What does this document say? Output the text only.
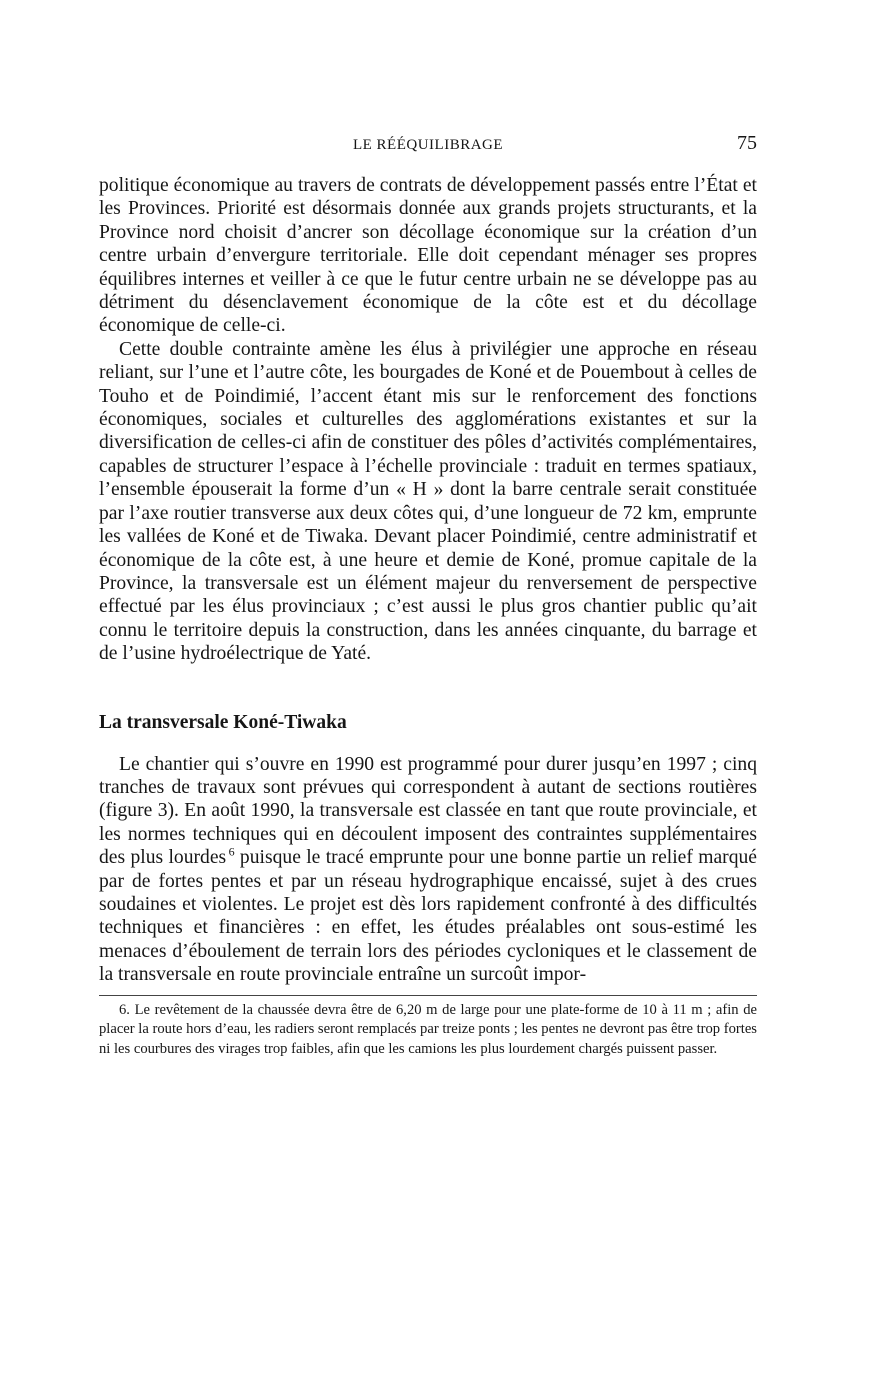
LE RÉÉQUILIBRAGE	75

politique économique au travers de contrats de développement passés entre l’État et les Provinces. Priorité est désormais donnée aux grands projets structurants, et la Province nord choisit d’ancrer son décollage économique sur la création d’un centre urbain d’envergure territoriale. Elle doit cependant ménager ses propres équilibres internes et veiller à ce que le futur centre urbain ne se développe pas au détriment du désenclavement économique de la côte est et du décollage économique de celle-ci.

Cette double contrainte amène les élus à privilégier une approche en réseau reliant, sur l’une et l’autre côte, les bourgades de Koné et de Pouembout à celles de Touho et de Poindimié, l’accent étant mis sur le renforcement des fonctions économiques, sociales et culturelles des agglomérations existantes et sur la diversification de celles-ci afin de constituer des pôles d’activités complémentaires, capables de structurer l’espace à l’échelle provinciale : traduit en termes spatiaux, l’ensemble épouserait la forme d’un « H » dont la barre centrale serait constituée par l’axe routier transverse aux deux côtes qui, d’une longueur de 72 km, emprunte les vallées de Koné et de Tiwaka. Devant placer Poindimié, centre administratif et économique de la côte est, à une heure et demie de Koné, promue capitale de la Province, la transversale est un élément majeur du renversement de perspective effectué par les élus provinciaux ; c’est aussi le plus gros chantier public qu’ait connu le territoire depuis la construction, dans les années cinquante, du barrage et de l’usine hydroélectrique de Yaté.

La transversale Koné-Tiwaka

Le chantier qui s’ouvre en 1990 est programmé pour durer jusqu’en 1997 ; cinq tranches de travaux sont prévues qui correspondent à autant de sections routières (figure 3). En août 1990, la transversale est classée en tant que route provinciale, et les normes techniques qui en découlent imposent des contraintes supplémentaires des plus lourdes  $^6$ puisque le tracé emprunte pour une bonne partie un relief marqué par de fortes pentes et par un réseau hydrographique encaissé, sujet à des crues soudaines et violentes. Le projet est dès lors rapidement confronté à des difficultés techniques et financières : en effet, les études préalables ont sous-estimé les menaces d’éboulement de terrain lors des périodes cycloniques et le classement de la transversale en route provinciale entraîne un surcoût impor-

6. Le revêtement de la chaussée devra être de 6,20 m de large pour une plate-forme de 10 à 11 m ; afin de placer la route hors d’eau, les radiers seront remplacés par treize ponts ; les pentes ne devront pas être trop fortes ni les courbures des virages trop faibles, afin que les camions les plus lourdement chargés puissent passer.
